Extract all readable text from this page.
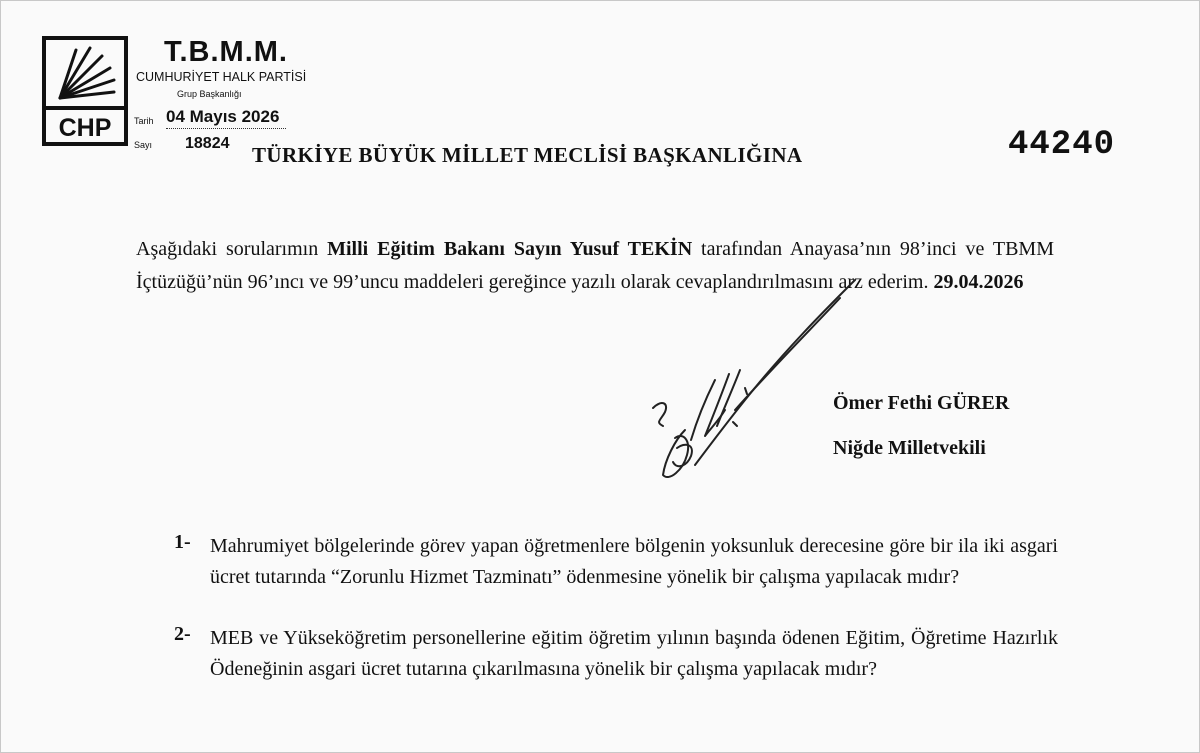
CHP
T.B.M.M.
CUMHURİYET HALK PARTİSİ
Grup Başkanlığı
Tarih 04 Mayıs 2026
Sayı 18824 TÜRKİYE BÜYÜK MİLLET MECLİSİ BAŞKANLIĞINA	44240
Aşağıdaki sorularımın Milli Eğitim Bakanı Sayın Yusuf TEKİN tarafından Anayasa’nın 98’inci ve TBMM İçtüzüğü’nün 96’ıncı ve 99’uncu maddeleri gereğince yazılı olarak cevaplandırılmasını arz ederim. 29.04.2026
Ömer Fethi GÜRER
Niğde Milletvekili
1- Mahrumiyet bölgelerinde görev yapan öğretmenlere bölgenin yoksunluk derecesine göre bir ila iki asgari ücret tutarında “Zorunlu Hizmet Tazminatı” ödenmesine yönelik bir çalışma yapılacak mıdır?
2- MEB ve Yükseköğretim personellerine eğitim öğretim yılının başında ödenen Eğitim, Öğretime Hazırlık Ödeneğinin asgari ücret tutarına çıkarılmasına yönelik bir çalışma yapılacak mıdır?
